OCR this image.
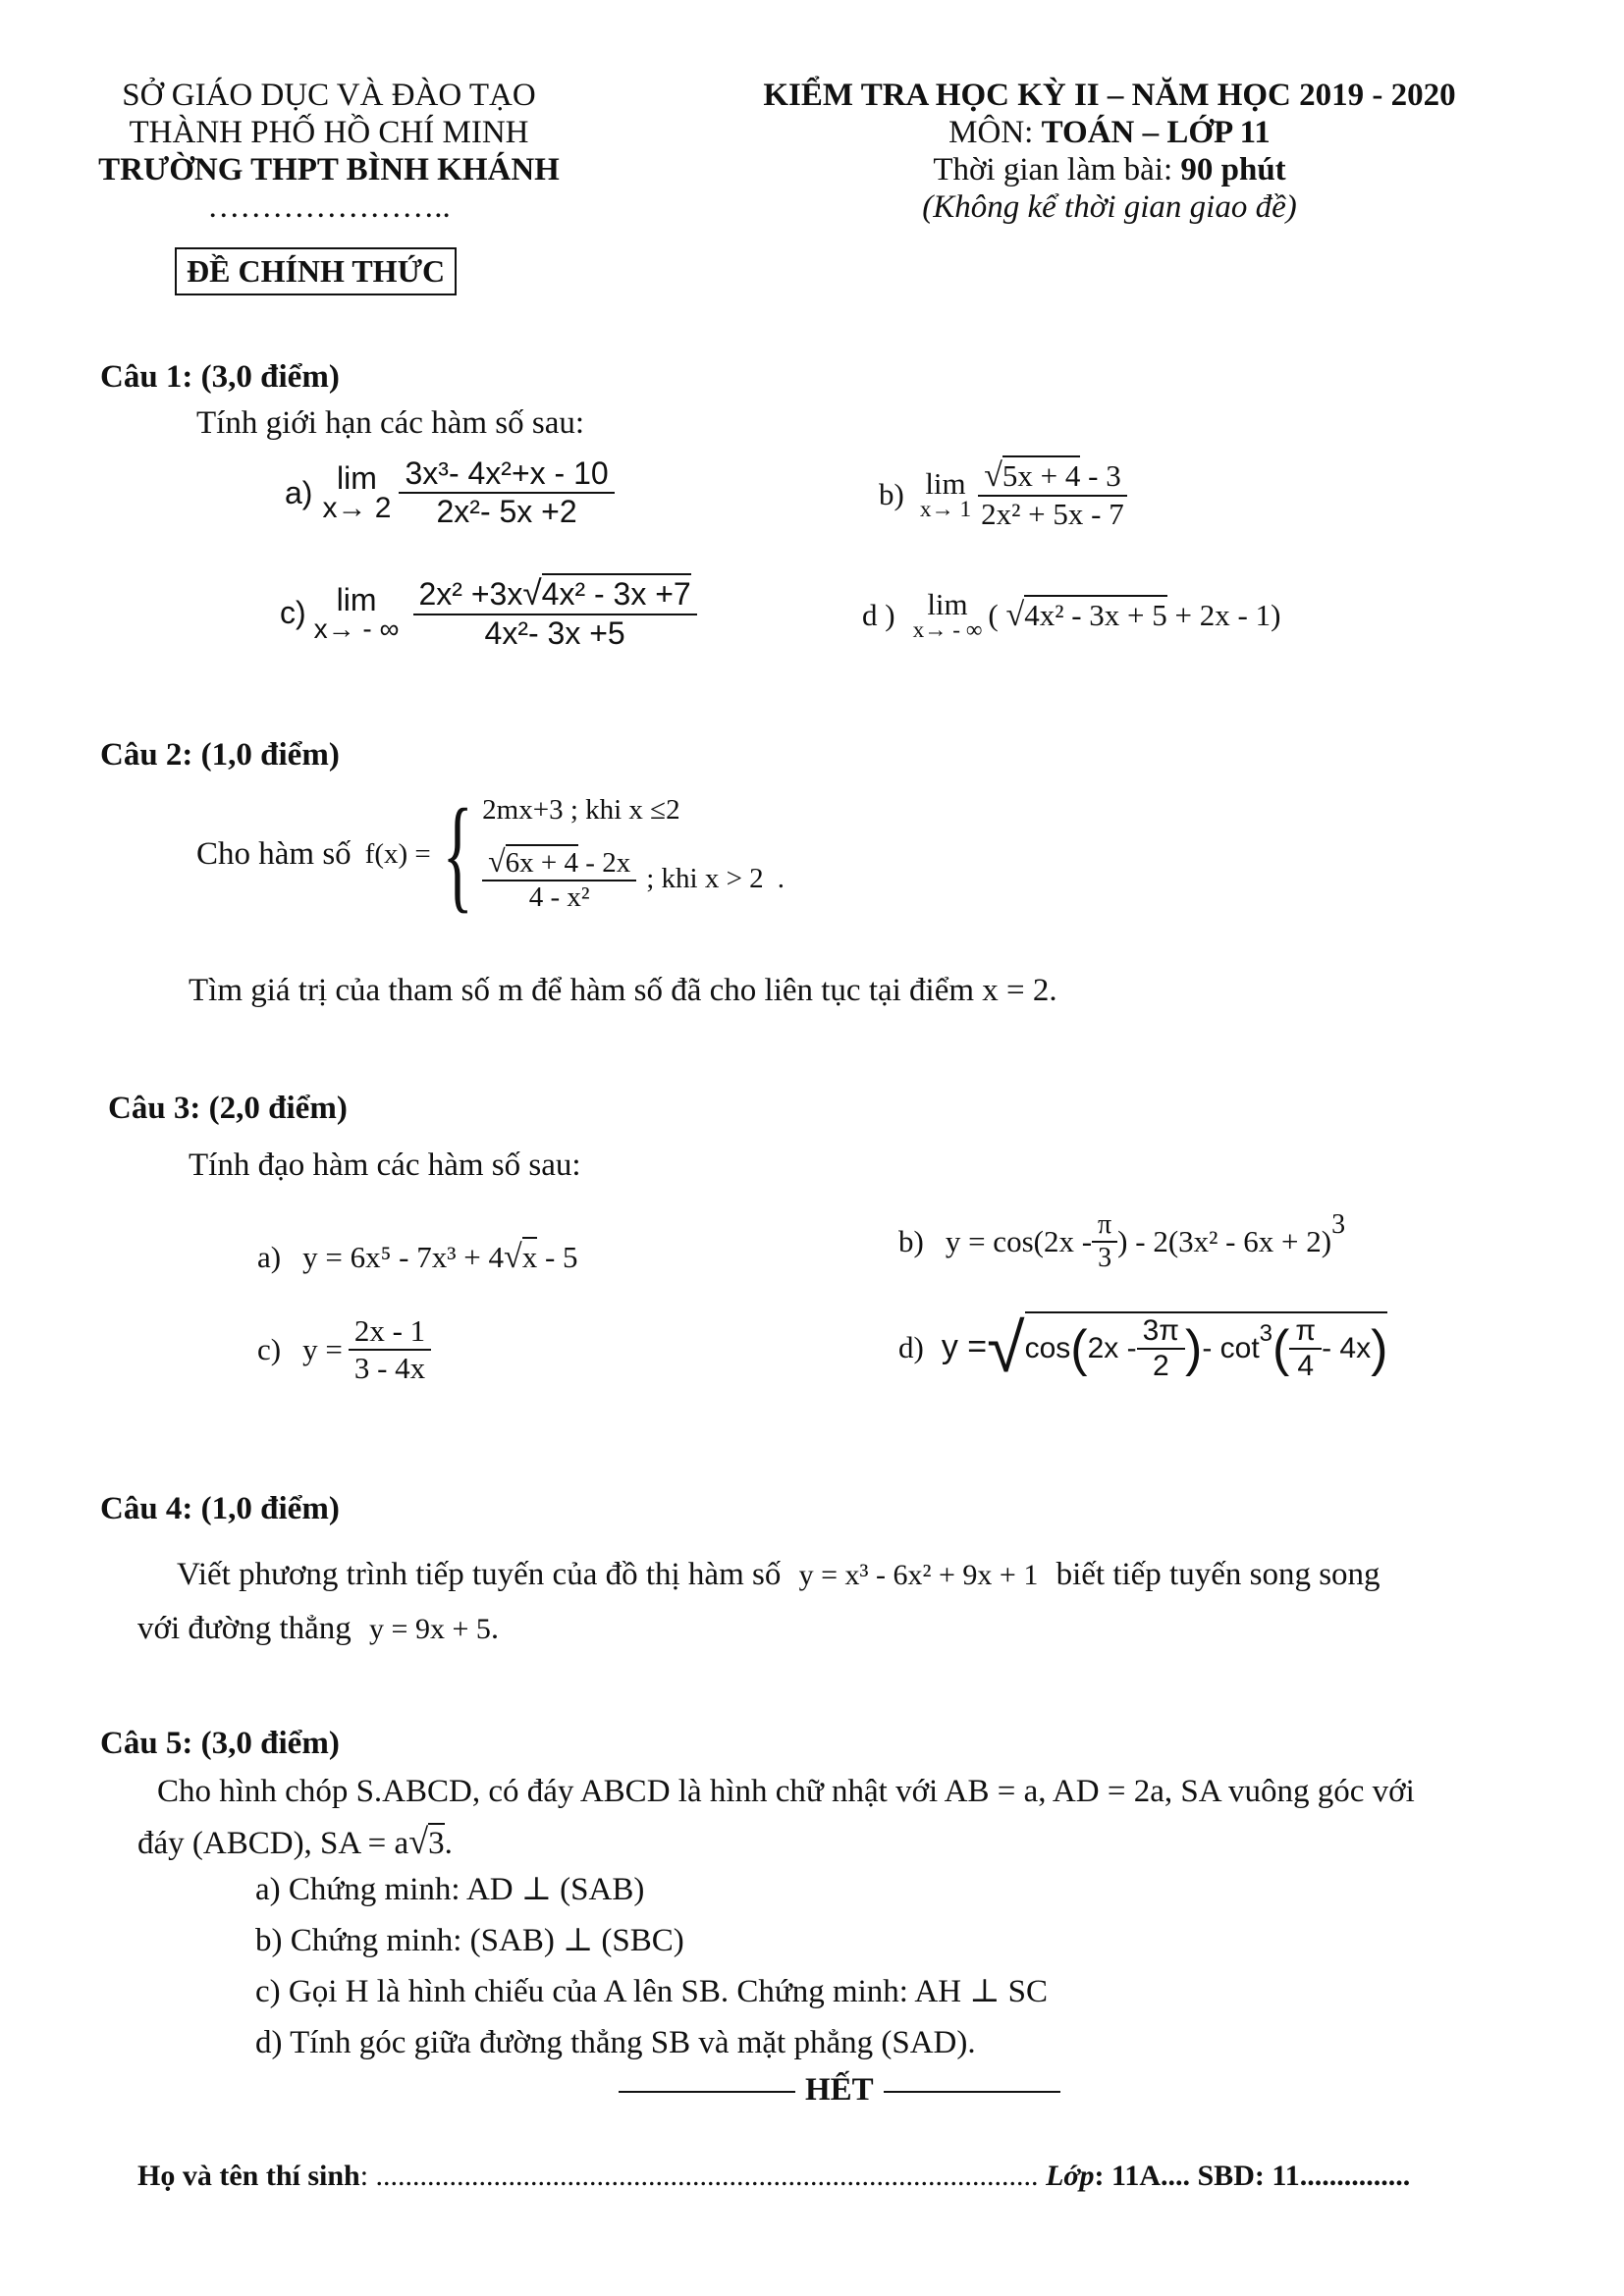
SỞ GIÁO DỤC VÀ ĐÀO TẠO
THÀNH PHỐ HỒ CHÍ MINH
TRƯỜNG THPT BÌNH KHÁNH
…………………..
ĐỀ CHÍNH THỨC
KIỂM TRA HỌC KỲ II – NĂM HỌC 2019 - 2020
MÔN: TOÁN – LỚP 11
Thời gian làm bài: 90 phút
(Không kể thời gian giao đề)
Câu 1: (3,0 điểm)
Tính giới hạn các hàm số sau:
a) lim
$x\to 2 \frac{\text{3x³- 4x²+x - 10}}{\text{2x²- 5x +2}}$	b) lim
$x\to 1 \frac{√5x + 4 - 3}{\text{2x² + 5x - 7}}$
c) lim
x→ - ∞ $\frac{\text{2x² +3x√4x² - 3x +7}}{\text{4x²- 3x +5}}$	d ) lim
x→ - ∞ ( √4x² - 3x + 5 + 2x - 1)
Câu 2: (1,0 điểm)
Cho hàm số f(x) = { 2mx+3 ; khi x ≤2
$\frac{√6x + 4 - 2x}{\text{4 - x²}}$ ; khi x > 2 .
Tìm giá trị của tham số m để hàm số đã cho liên tục tại điểm x = 2.
Câu 3: (2,0 điểm)
Tính đạo hàm các hàm số sau:
a) y = 6x⁵ - 7x³ + 4√x - 5	b) $y = \cos(2x - \frac{\pi}{3}$ ) - 2(3x² - 6x + 2) 3
c) $y = \frac{2x - 1}{3 - 4x}$	d) y = √ cos ( $2x - \frac{3\pi}{2}$ ) - cot 3 ( $\frac{\pi}{4} - 4x$ )
Câu 4: (1,0 điểm)
Viết phương trình tiếp tuyến của đồ thị hàm số y = x³ - 6x² + 9x + 1 biết tiếp tuyến song song
với đường thẳng y = 9x + 5.
Câu 5: (3,0 điểm)
Cho hình chóp S.ABCD, có đáy ABCD là hình chữ nhật với AB = a, AD = 2a, SA vuông góc với
đáy (ABCD), SA = a√3.
a) Chứng minh: AD ⊥ (SAB)
b) Chứng minh: (SAB) ⊥ (SBC)
c) Gọi H là hình chiếu của A lên SB. Chứng minh: AH ⊥ SC
d) Tính góc giữa đường thẳng SB và mặt phẳng (SAD).
HẾT
Họ và tên thí sinh: .......................................................................................... Lớp: 11A.... SBD: 11...............
